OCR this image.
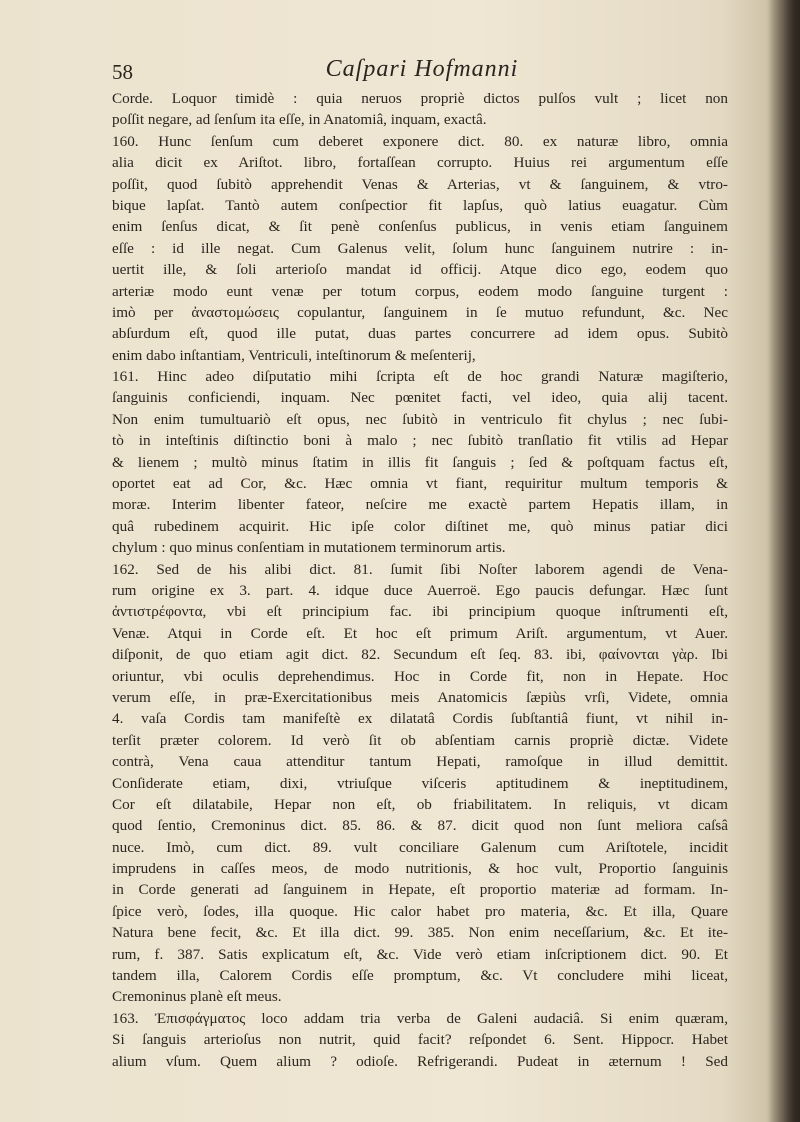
58	Caſpari Hofmanni
Corde. Loquor timidè : quia neruos propriè dictos pulſos vult ; licet non
poſſit negare, ad ſenſum ita eſſe, in Anatomiâ, inquam, exactâ.
160. Hunc ſenſum cum deberet exponere dict. 80. ex naturæ libro, omnia
alia dicit ex Ariſtot. libro, fortaſſean corrupto. Huius rei argumentum eſſe
poſſit, quod ſubitò apprehendit Venas & Arterias, vt & ſanguinem, & vtro-
bique lapſat. Tantò autem conſpectior fit lapſus, quò latius euagatur. Cùm
enim ſenſus dicat, & ſit penè conſenſus publicus, in venis etiam ſanguinem
eſſe : id ille negat. Cum Galenus velit, ſolum hunc ſanguinem nutrire : in-
uertit ille, & ſoli arterioſo mandat id officij. Atque dico ego, eodem quo
arteriæ modo eunt venæ per totum corpus, eodem modo ſanguine turgent :
imò per ἀναστομώσεις copulantur, ſanguinem in ſe mutuo refundunt, &c. Nec
abſurdum eſt, quod ille putat, duas partes concurrere ad idem opus. Subitò
enim dabo inſtantiam, Ventriculi, inteſtinorum & meſenterij,
161. Hinc adeo diſputatio mihi ſcripta eſt de hoc grandi Naturæ magiſterio,
ſanguinis conficiendi, inquam. Nec pœnitet facti, vel ideo, quia alij tacent.
Non enim tumultuariò eſt opus, nec ſubitò in ventriculo fit chylus ; nec ſubi-
tò in inteſtinis diſtinctio boni à malo ; nec ſubitò tranſlatio fit vtilis ad Hepar
& lienem ; multò minus ſtatim in illis fit ſanguis ; ſed & poſtquam factus eſt,
oportet eat ad Cor, &c. Hæc omnia vt fiant, requiritur multum temporis &
moræ. Interim libenter fateor, neſcire me exactè partem Hepatis illam, in
quâ rubedinem acquirit. Hic ipſe color diſtinet me, quò minus patiar dici
chylum : quo minus conſentiam in mutationem terminorum artis.
162. Sed de his alibi dict. 81. ſumit ſibi Noſter laborem agendi de Vena-
rum origine ex 3. part. 4. idque duce Auerroë. Ego paucis defungar. Hæc ſunt
ἀντιστρέφοντα, vbi eſt principium fac. ibi principium quoque inſtrumenti eſt,
Venæ. Atqui in Corde eſt. Et hoc eſt primum Ariſt. argumentum, vt Auer.
diſponit, de quo etiam agit dict. 82. Secundum eſt ſeq. 83. ibi, φαίνονται γὰρ. Ibi
oriuntur, vbi oculis deprehendimus. Hoc in Corde fit, non in Hepate. Hoc
verum eſſe, in præ-Exercitationibus meis Anatomicis ſæpiùs vrſi, Videte, omnia
4. vaſa Cordis tam manifeſtè ex dilatatâ Cordis ſubſtantiâ fiunt, vt nihil in-
terſit præter colorem. Id verò ſit ob abſentiam carnis propriè dictæ. Videte
contrà, Vena caua attenditur tantum Hepati, ramoſque in illud demittit.
Conſiderate etiam, dixi, vtriuſque viſceris aptitudinem & ineptitudinem,
Cor eſt dilatabile, Hepar non eſt, ob friabilitatem. In reliquis, vt dicam
quod ſentio, Cremoninus dict. 85. 86. & 87. dicit quod non ſunt meliora caſsâ
nuce. Imò, cum dict. 89. vult conciliare Galenum cum Ariſtotele, incidit
imprudens in caſſes meos, de modo nutritionis, & hoc vult, Proportio ſanguinis
in Corde generati ad ſanguinem in Hepate, eſt proportio materiæ ad formam. In-
ſpice verò, ſodes, illa quoque. Hic calor habet pro materia, &c. Et illa, Quare
Natura bene fecit, &c. Et illa dict. 99. 385. Non enim neceſſarium, &c. Et ite-
rum, f. 387. Satis explicatum eſt, &c. Vide verò etiam inſcriptionem dict. 90. Et
tandem illa, Calorem Cordis eſſe promptum, &c. Vt concludere mihi liceat,
Cremoninus planè eſt meus.
163. Ἐπισφάγματος loco addam tria verba de Galeni audaciâ. Si enim quæram,
Si ſanguis arterioſus non nutrit, quid facit? reſpondet 6. Sent. Hippocr. Habet
alium vſum. Quem alium ? odioſe. Refrigerandi. Pudeat in æternum ! Sed
